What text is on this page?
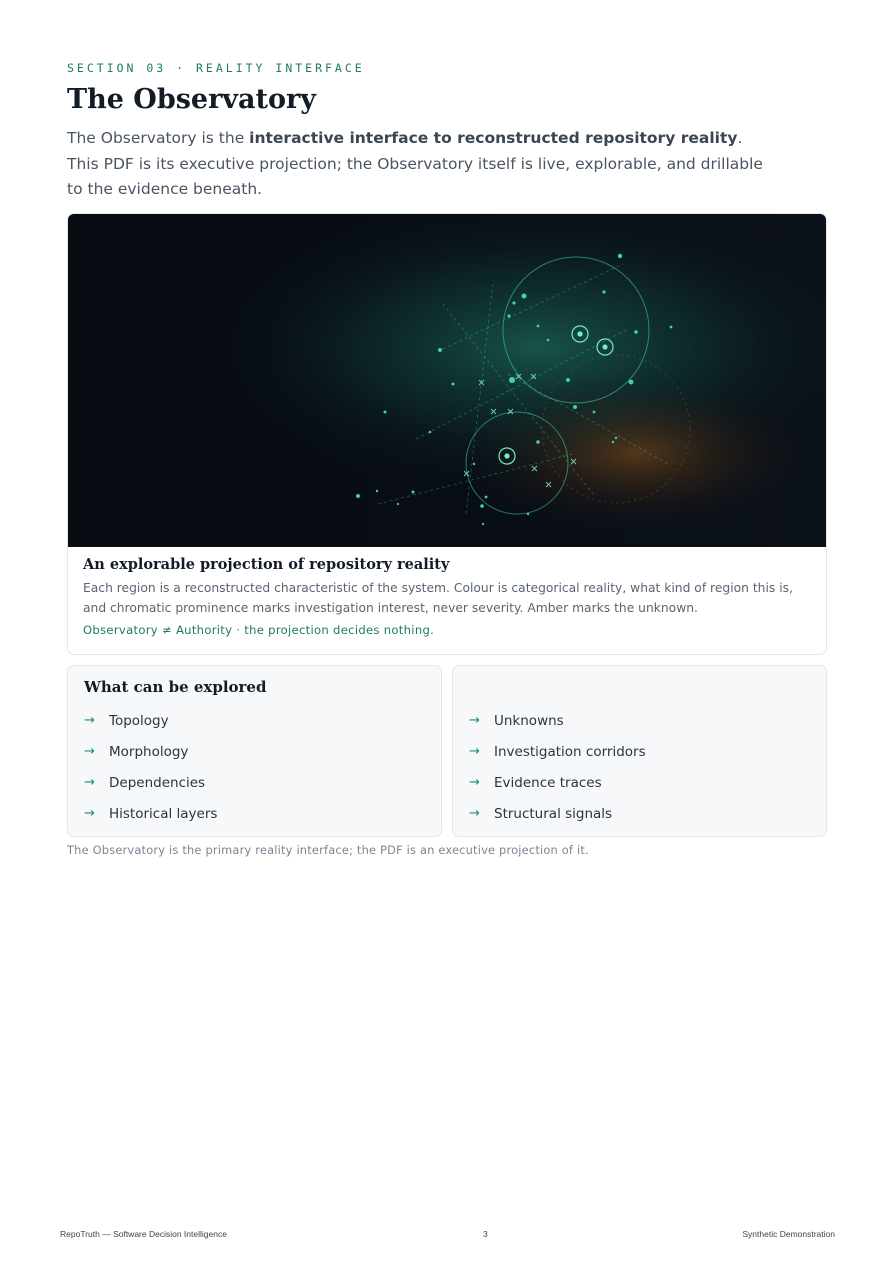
SECTION 03 · REALITY INTERFACE
The Observatory

The Observatory is the interactive interface to reconstructed repository reality. This PDF is its executive projection; the Observatory itself is live, explorable, and drillable to the evidence beneath.

An explorable projection of repository reality

Each region is a reconstructed characteristic of the system. Colour is categorical reality, what kind of region this is, and chromatic prominence marks investigation interest, never severity. Amber marks the unknown.

Observatory ≠ Authority · the projection decides nothing.
What can be explored
→	Topology
→	Morphology
→	Dependencies
→	Historical layers
→	Unknowns
→	Investigation corridors
→	Evidence traces
→	Structural signals
The Observatory is the primary reality interface; the PDF is an executive projection of it.
RepoTruth — Software Decision Intelligence	3	Synthetic Demonstration
